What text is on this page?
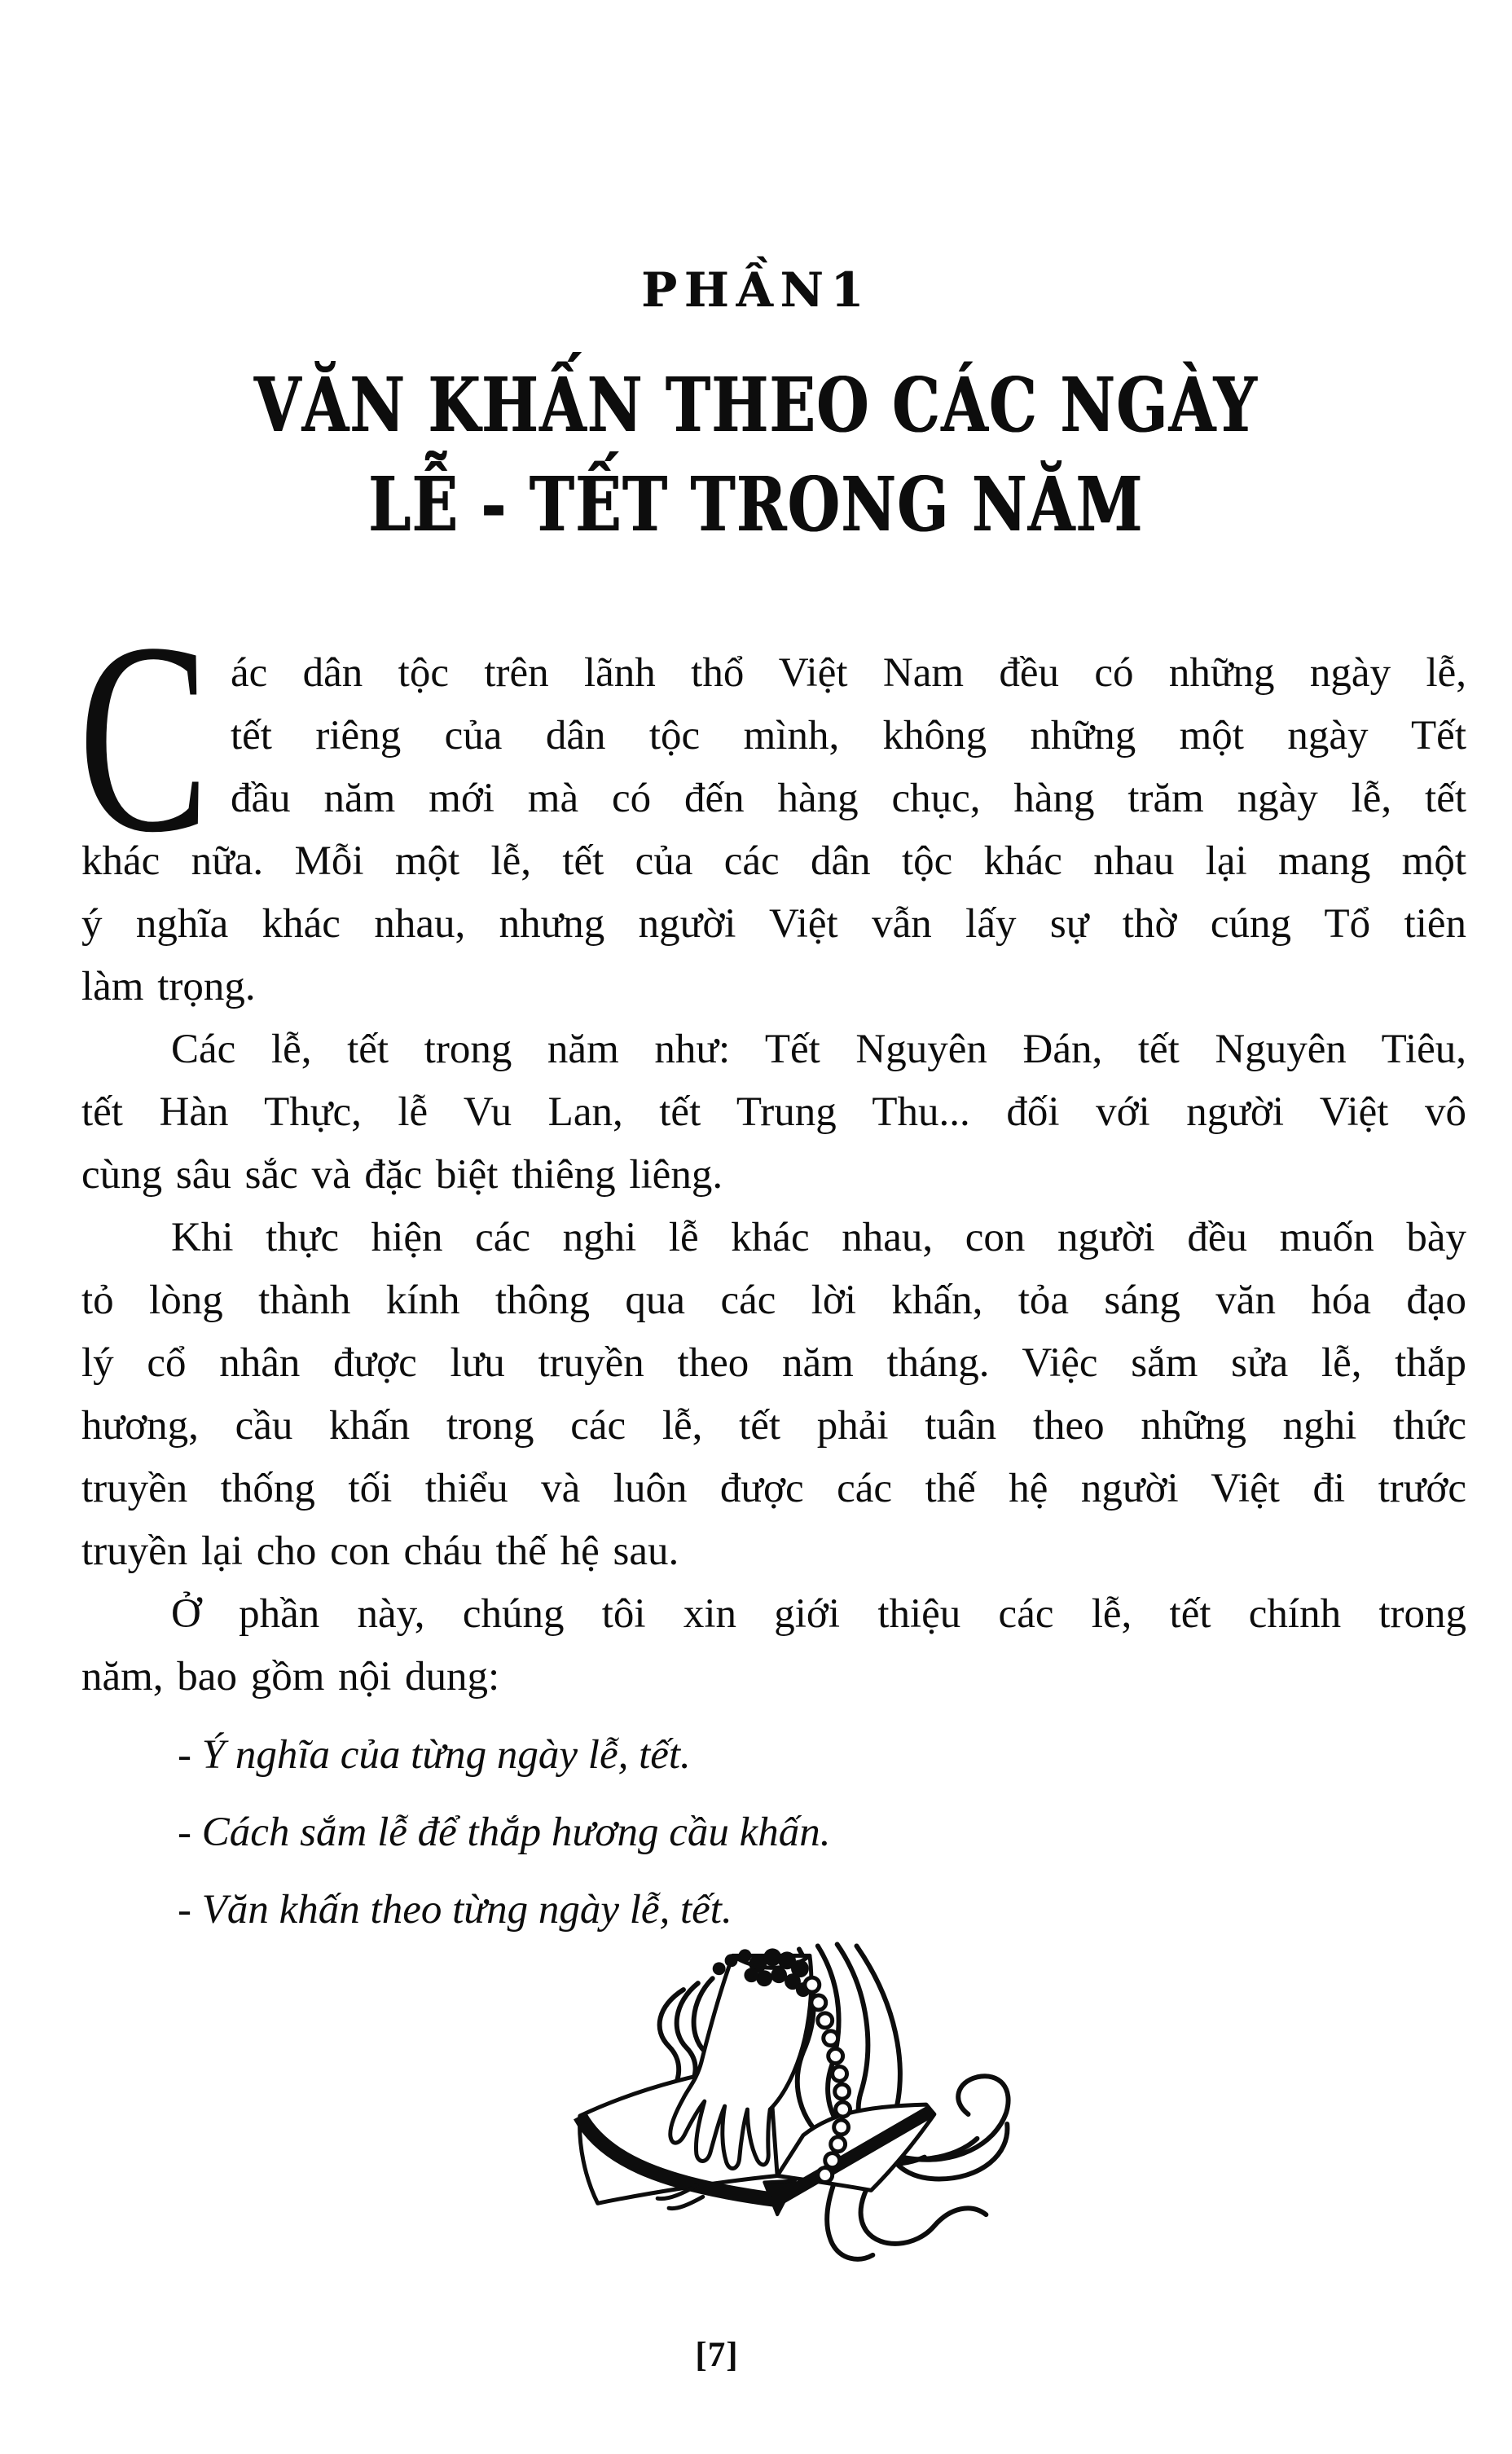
PHẦN1
VĂN KHẤN THEO CÁC NGÀY
LỄ - TẾT TRONG NĂM
C ác dân tộc trên lãnh thổ Việt Nam đều có những ngày lễ,
tết riêng của dân tộc mình, không những một ngày Tết
đầu năm mới mà có đến hàng chục, hàng trăm ngày lễ, tết
khác nữa. Mỗi một lễ, tết của các dân tộc khác nhau lại mang một
ý nghĩa khác nhau, nhưng người Việt vẫn lấy sự thờ cúng Tổ tiên
làm trọng.
Các lễ, tết trong năm như: Tết Nguyên Đán, tết Nguyên Tiêu,
tết Hàn Thực, lễ Vu Lan, tết Trung Thu... đối với người Việt vô
cùng sâu sắc và đặc biệt thiêng liêng.
Khi thực hiện các nghi lễ khác nhau, con người đều muốn bày
tỏ lòng thành kính thông qua các lời khấn, tỏa sáng văn hóa đạo
lý cổ nhân được lưu truyền theo năm tháng. Việc sắm sửa lễ, thắp
hương, cầu khấn trong các lễ, tết phải tuân theo những nghi thức
truyền thống tối thiểu và luôn được các thế hệ người Việt đi trước
truyền lại cho con cháu thế hệ sau.
Ở phần này, chúng tôi xin giới thiệu các lễ, tết chính trong
năm, bao gồm nội dung:
- Ý nghĩa của từng ngày lễ, tết.
- Cách sắm lễ để thắp hương cầu khấn.
- Văn khấn theo từng ngày lễ, tết.
[7]
